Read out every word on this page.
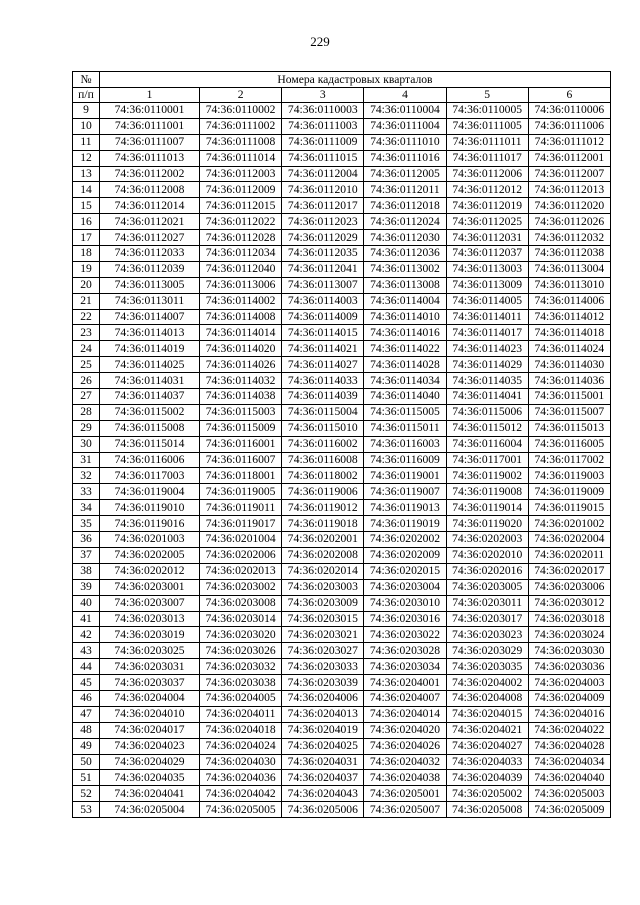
229
№	Номера кадастровых кварталов					
п/п	1	2	3	4	5	6
9	74:36:0110001	74:36:0110002	74:36:0110003	74:36:0110004	74:36:0110005	74:36:0110006
10	74:36:0111001	74:36:0111002	74:36:0111003	74:36:0111004	74:36:0111005	74:36:0111006
11	74:36:0111007	74:36:0111008	74:36:0111009	74:36:0111010	74:36:0111011	74:36:0111012
12	74:36:0111013	74:36:0111014	74:36:0111015	74:36:0111016	74:36:0111017	74:36:0112001
13	74:36:0112002	74:36:0112003	74:36:0112004	74:36:0112005	74:36:0112006	74:36:0112007
14	74:36:0112008	74:36:0112009	74:36:0112010	74:36:0112011	74:36:0112012	74:36:0112013
15	74:36:0112014	74:36:0112015	74:36:0112017	74:36:0112018	74:36:0112019	74:36:0112020
16	74:36:0112021	74:36:0112022	74:36:0112023	74:36:0112024	74:36:0112025	74:36:0112026
17	74:36:0112027	74:36:0112028	74:36:0112029	74:36:0112030	74:36:0112031	74:36:0112032
18	74:36:0112033	74:36:0112034	74:36:0112035	74:36:0112036	74:36:0112037	74:36:0112038
19	74:36:0112039	74:36:0112040	74:36:0112041	74:36:0113002	74:36:0113003	74:36:0113004
20	74:36:0113005	74:36:0113006	74:36:0113007	74:36:0113008	74:36:0113009	74:36:0113010
21	74:36:0113011	74:36:0114002	74:36:0114003	74:36:0114004	74:36:0114005	74:36:0114006
22	74:36:0114007	74:36:0114008	74:36:0114009	74:36:0114010	74:36:0114011	74:36:0114012
23	74:36:0114013	74:36:0114014	74:36:0114015	74:36:0114016	74:36:0114017	74:36:0114018
24	74:36:0114019	74:36:0114020	74:36:0114021	74:36:0114022	74:36:0114023	74:36:0114024
25	74:36:0114025	74:36:0114026	74:36:0114027	74:36:0114028	74:36:0114029	74:36:0114030
26	74:36:0114031	74:36:0114032	74:36:0114033	74:36:0114034	74:36:0114035	74:36:0114036
27	74:36:0114037	74:36:0114038	74:36:0114039	74:36:0114040	74:36:0114041	74:36:0115001
28	74:36:0115002	74:36:0115003	74:36:0115004	74:36:0115005	74:36:0115006	74:36:0115007
29	74:36:0115008	74:36:0115009	74:36:0115010	74:36:0115011	74:36:0115012	74:36:0115013
30	74:36:0115014	74:36:0116001	74:36:0116002	74:36:0116003	74:36:0116004	74:36:0116005
31	74:36:0116006	74:36:0116007	74:36:0116008	74:36:0116009	74:36:0117001	74:36:0117002
32	74:36:0117003	74:36:0118001	74:36:0118002	74:36:0119001	74:36:0119002	74:36:0119003
33	74:36:0119004	74:36:0119005	74:36:0119006	74:36:0119007	74:36:0119008	74:36:0119009
34	74:36:0119010	74:36:0119011	74:36:0119012	74:36:0119013	74:36:0119014	74:36:0119015
35	74:36:0119016	74:36:0119017	74:36:0119018	74:36:0119019	74:36:0119020	74:36:0201002
36	74:36:0201003	74:36:0201004	74:36:0202001	74:36:0202002	74:36:0202003	74:36:0202004
37	74:36:0202005	74:36:0202006	74:36:0202008	74:36:0202009	74:36:0202010	74:36:0202011
38	74:36:0202012	74:36:0202013	74:36:0202014	74:36:0202015	74:36:0202016	74:36:0202017
39	74:36:0203001	74:36:0203002	74:36:0203003	74:36:0203004	74:36:0203005	74:36:0203006
40	74:36:0203007	74:36:0203008	74:36:0203009	74:36:0203010	74:36:0203011	74:36:0203012
41	74:36:0203013	74:36:0203014	74:36:0203015	74:36:0203016	74:36:0203017	74:36:0203018
42	74:36:0203019	74:36:0203020	74:36:0203021	74:36:0203022	74:36:0203023	74:36:0203024
43	74:36:0203025	74:36:0203026	74:36:0203027	74:36:0203028	74:36:0203029	74:36:0203030
44	74:36:0203031	74:36:0203032	74:36:0203033	74:36:0203034	74:36:0203035	74:36:0203036
45	74:36:0203037	74:36:0203038	74:36:0203039	74:36:0204001	74:36:0204002	74:36:0204003
46	74:36:0204004	74:36:0204005	74:36:0204006	74:36:0204007	74:36:0204008	74:36:0204009
47	74:36:0204010	74:36:0204011	74:36:0204013	74:36:0204014	74:36:0204015	74:36:0204016
48	74:36:0204017	74:36:0204018	74:36:0204019	74:36:0204020	74:36:0204021	74:36:0204022
49	74:36:0204023	74:36:0204024	74:36:0204025	74:36:0204026	74:36:0204027	74:36:0204028
50	74:36:0204029	74:36:0204030	74:36:0204031	74:36:0204032	74:36:0204033	74:36:0204034
51	74:36:0204035	74:36:0204036	74:36:0204037	74:36:0204038	74:36:0204039	74:36:0204040
52	74:36:0204041	74:36:0204042	74:36:0204043	74:36:0205001	74:36:0205002	74:36:0205003
53	74:36:0205004	74:36:0205005	74:36:0205006	74:36:0205007	74:36:0205008	74:36:0205009
